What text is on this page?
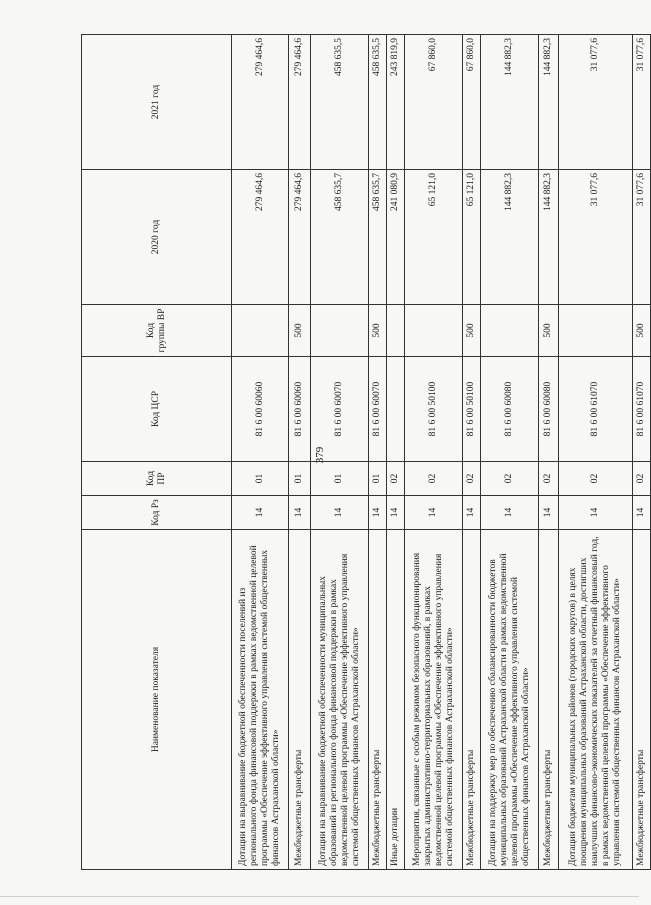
379
Наименование показателя	Код Рз	Код ПР	Код ЦСР	Код группы ВР	2020 год	2021 год
Дотации на выравнивание бюджетной обеспеченности поселений из регионального фонда финансовой поддержки в рамках ведомственной целевой программы «Обеспечение эффективного управления системой общественных финансов Астраханской области»	14	01	81 6 00 60060		279 464,6	279 464,6
Межбюджетные трансферты	14	01	81 6 00 60060	500	279 464,6	279 464,6
Дотации на выравнивание бюджетной обеспеченности муниципальных образований из регионального фонда финансовой поддержки в рамках ведомственной целевой программы «Обеспечение эффективного управления системой общественных финансов Астраханской области»	14	01	81 6 00 60070		458 635,7	458 635,5
Межбюджетные трансферты	14	01	81 6 00 60070	500	458 635,7	458 635,5
Иные дотации	14	02			241 080,9	243 819,9
Мероприятия, связанные с особым режимом безопасного функционирования закрытых административно-территориальных образований, в рамках ведомственной целевой программы «Обеспечение эффективного управления системой общественных финансов Астраханской области»	14	02	81 6 00 50100		65 121,0	67 860,0
Межбюджетные трансферты	14	02	81 6 00 50100	500	65 121,0	67 860,0
Дотации на поддержку мер по обеспечению сбалансированности бюджетов муниципальных образований Астраханской области в рамках ведомственной целевой программы «Обеспечение эффективного управления системой общественных финансов Астраханской области»	14	02	81 6 00 60080		144 882,3	144 882,3
Межбюджетные трансферты	14	02	81 6 00 60080	500	144 882,3	144 882,3
Дотации бюджетам муниципальных районов (городских округов) в целях поощрения муниципальных образований Астраханской области, достигших наилучших финансово-экономических показателей за отчетный финансовый год, в рамках ведомственной целевой программы «Обеспечение эффективного управления системой общественных финансов Астраханской области»	14	02	81 6 00 61070		31 077,6	31 077,6
Межбюджетные трансферты	14	02	81 6 00 61070	500	31 077,6	31 077,6
